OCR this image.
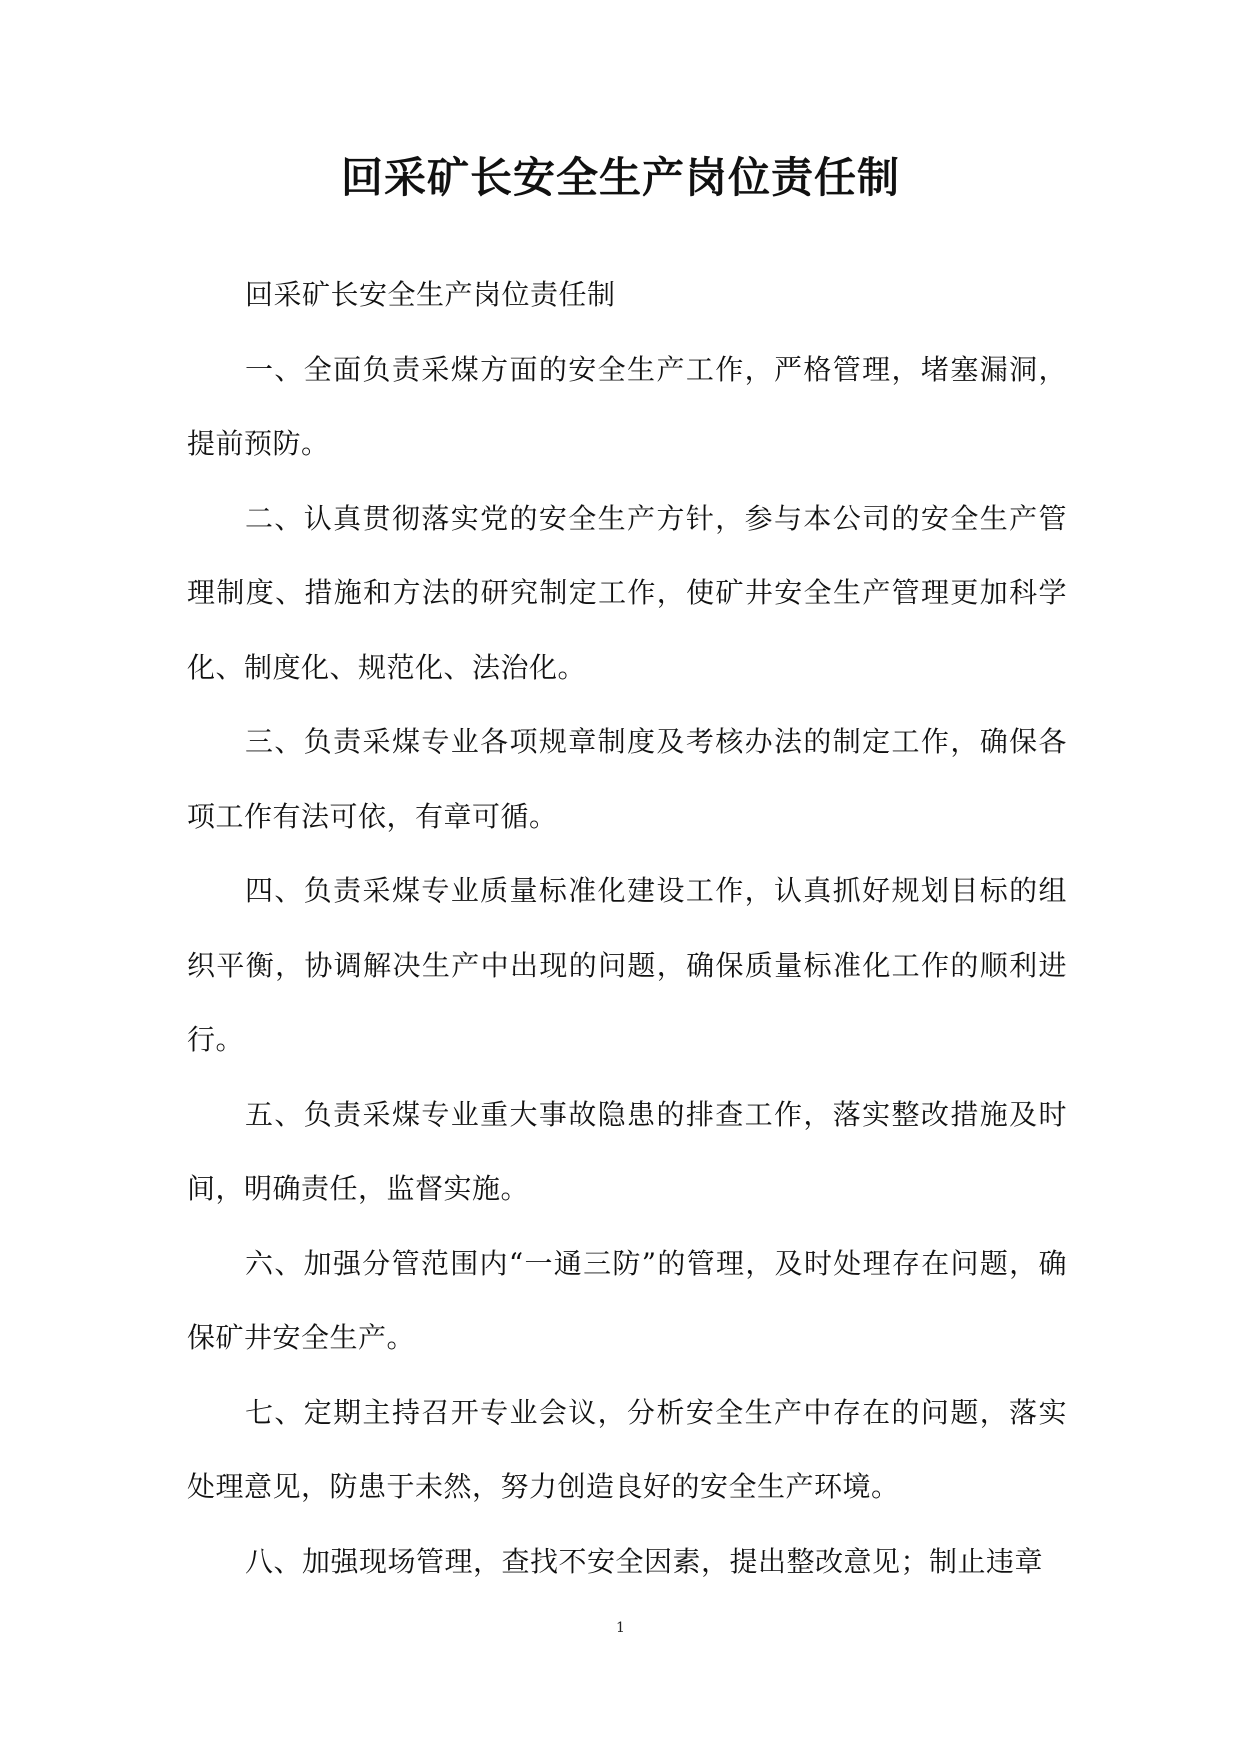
回采矿长安全生产岗位责任制

回采矿长安全生产岗位责任制

一、全面负责采煤方面的安全生产工作，严格管理，堵塞漏洞，提前预防。

二、认真贯彻落实党的安全生产方针，参与本公司的安全生产管理制度、措施和方法的研究制定工作，使矿井安全生产管理更加科学化、制度化、规范化、法治化。

三、负责采煤专业各项规章制度及考核办法的制定工作，确保各项工作有法可依，有章可循。

四、负责采煤专业质量标准化建设工作，认真抓好规划目标的组织平衡，协调解决生产中出现的问题，确保质量标准化工作的顺利进行。

五、负责采煤专业重大事故隐患的排查工作，落实整改措施及时间，明确责任，监督实施。

六、加强分管范围内“一通三防”的管理，及时处理存在问题，确保矿井安全生产。

七、定期主持召开专业会议，分析安全生产中存在的问题，落实处理意见，防患于未然，努力创造良好的安全生产环境。

八、加强现场管理，查找不安全因素，提出整改意见；制止违章

1
